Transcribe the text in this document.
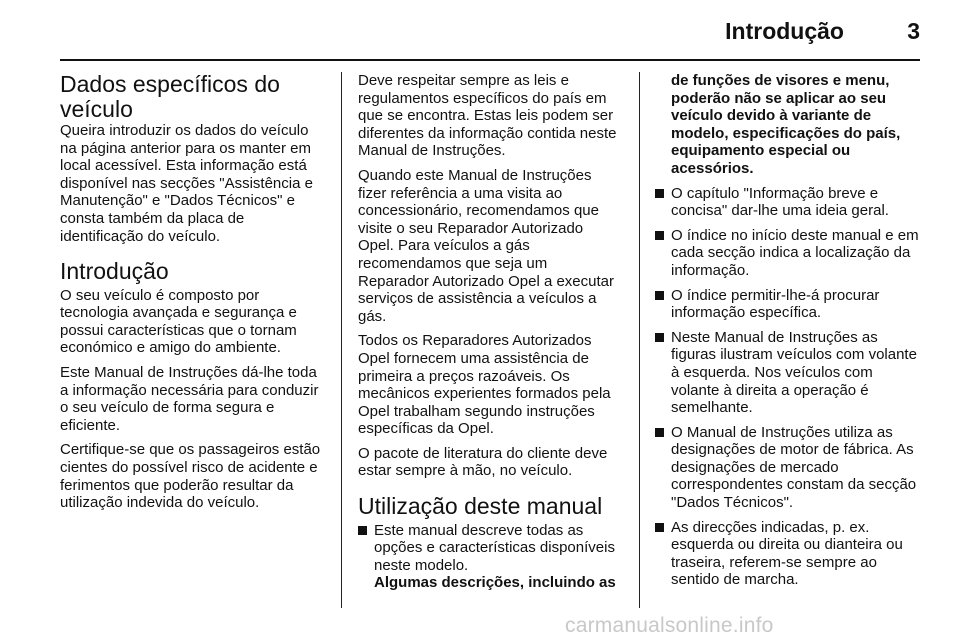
Introdução	3
Dados específicos do veículo

Queira introduzir os dados do veículo na página anterior para os manter em local acessível. Esta informação está disponível nas secções "Assistência e Manutenção" e "Dados Técnicos" e consta também da placa de identificação do veículo.

Introdução

O seu veículo é composto por tecnologia avançada e segurança e possui características que o tornam económico e amigo do ambiente.

Este Manual de Instruções dá-lhe toda a informação necessária para conduzir o seu veículo de forma segura e eficiente.

Certifique-se que os passageiros estão cientes do possível risco de acidente e ferimentos que poderão resultar da utilização indevida do veículo.

Deve respeitar sempre as leis e regulamentos específicos do país em que se encontra. Estas leis podem ser diferentes da informação contida neste Manual de Instruções.

Quando este Manual de Instruções fizer referência a uma visita ao concessionário, recomendamos que visite o seu Reparador Autorizado Opel. Para veículos a gás recomendamos que seja um Reparador Autorizado Opel a executar serviços de assistência a veículos a gás.

Todos os Reparadores Autorizados Opel fornecem uma assistência de primeira a preços razoáveis. Os mecânicos experientes formados pela Opel trabalham segundo instruções específicas da Opel.

O pacote de literatura do cliente deve estar sempre à mão, no veículo.

Utilização deste manual
Este manual descreve todas as opções e características disponíveis neste modelo.
Algumas descrições, incluindo as
de funções de visores e menu, poderão não se aplicar ao seu veículo devido à variante de modelo, especificações do país, equipamento especial ou acessórios.
O capítulo "Informação breve e concisa" dar-lhe uma ideia geral.
O índice no início deste manual e em cada secção indica a localização da informação.
O índice permitir-lhe-á procurar informação específica.
Neste Manual de Instruções as figuras ilustram veículos com volante à esquerda. Nos veículos com volante à direita a operação é semelhante.
O Manual de Instruções utiliza as designações de motor de fábrica. As designações de mercado correspondentes constam da secção "Dados Técnicos".
As direcções indicadas, p. ex. esquerda ou direita ou dianteira ou traseira, referem-se sempre ao sentido de marcha.
carmanualsonline.info
